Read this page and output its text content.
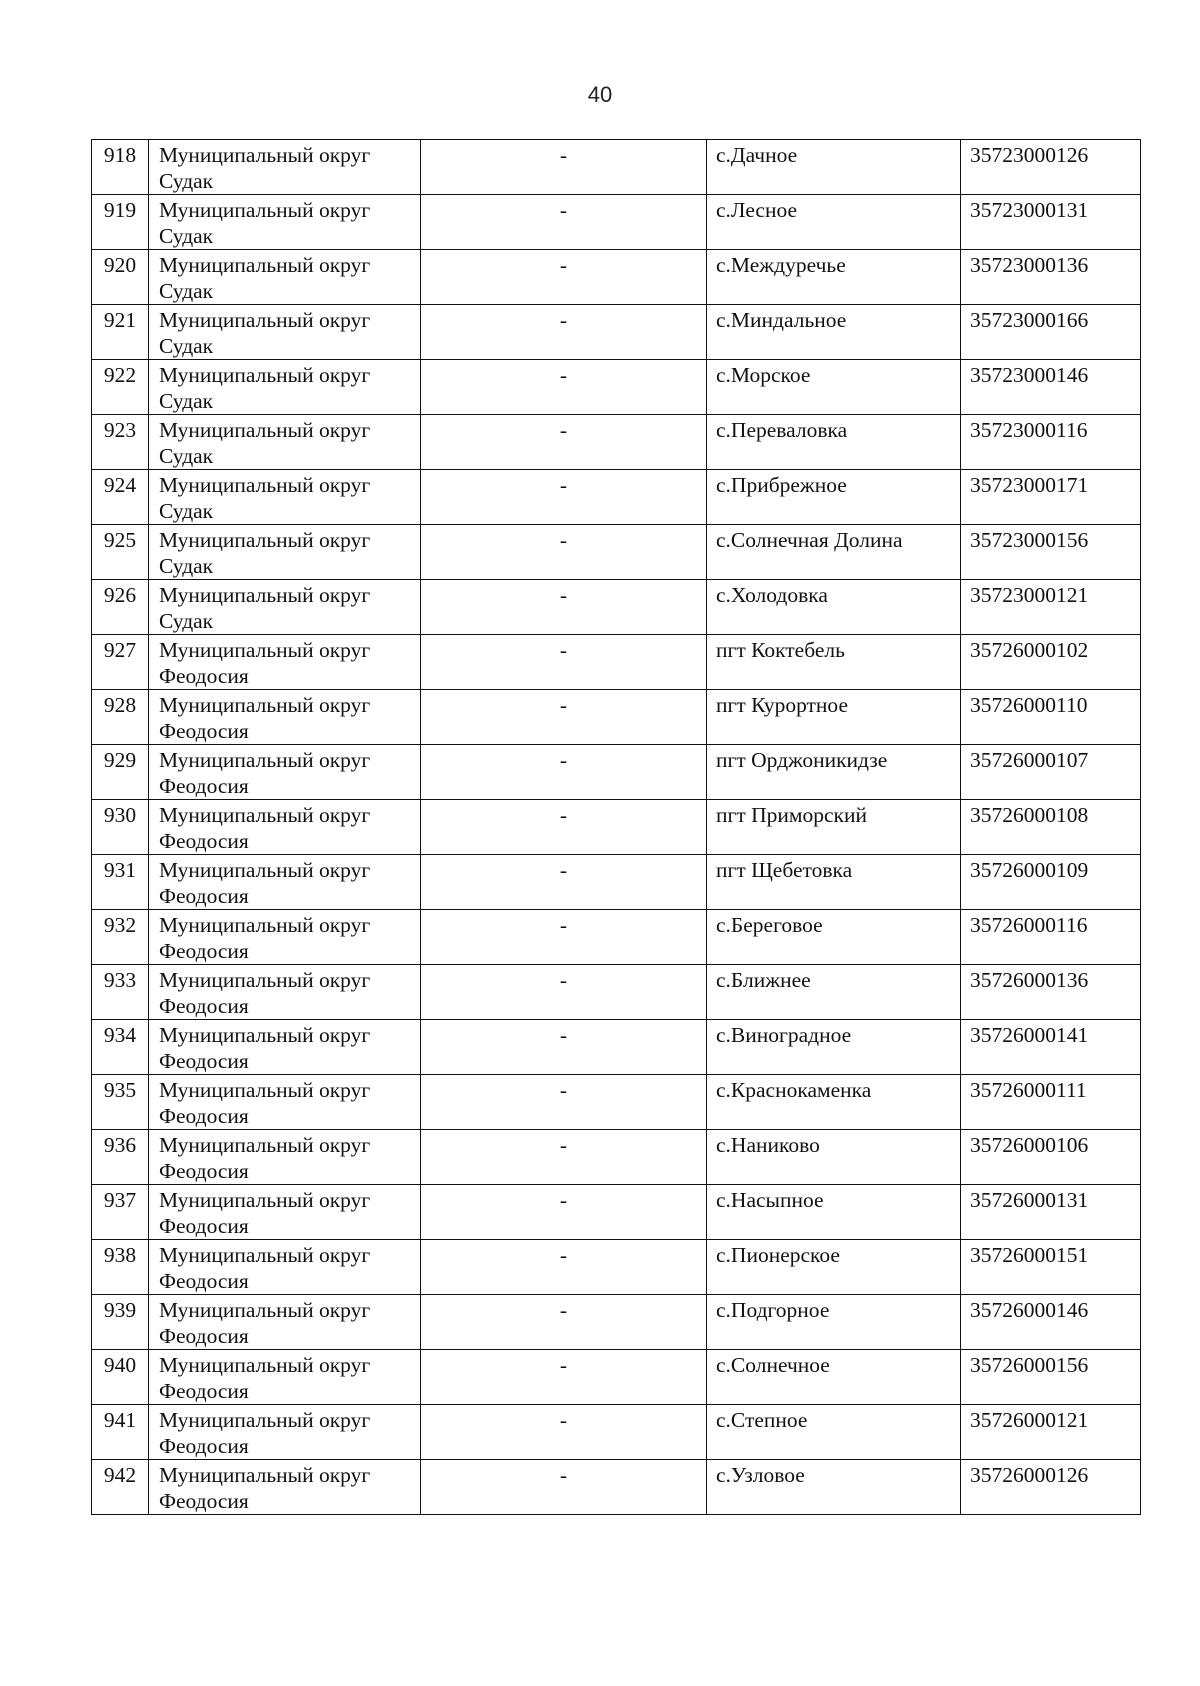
40
918	Муниципальный округ Судак	-	с.Дачное	35723000126
919	Муниципальный округ Судак	-	с.Лесное	35723000131
920	Муниципальный округ Судак	-	с.Междуречье	35723000136
921	Муниципальный округ Судак	-	с.Миндальное	35723000166
922	Муниципальный округ Судак	-	с.Морское	35723000146
923	Муниципальный округ Судак	-	с.Переваловка	35723000116
924	Муниципальный округ Судак	-	с.Прибрежное	35723000171
925	Муниципальный округ Судак	-	с.Солнечная Долина	35723000156
926	Муниципальный округ Судак	-	с.Холодовка	35723000121
927	Муниципальный округ Феодосия	-	пгт Коктебель	35726000102
928	Муниципальный округ Феодосия	-	пгт Курортное	35726000110
929	Муниципальный округ Феодосия	-	пгт Орджоникидзе	35726000107
930	Муниципальный округ Феодосия	-	пгт Приморский	35726000108
931	Муниципальный округ Феодосия	-	пгт Щебетовка	35726000109
932	Муниципальный округ Феодосия	-	с.Береговое	35726000116
933	Муниципальный округ Феодосия	-	с.Ближнее	35726000136
934	Муниципальный округ Феодосия	-	с.Виноградное	35726000141
935	Муниципальный округ Феодосия	-	с.Краснокаменка	35726000111
936	Муниципальный округ Феодосия	-	с.Наниково	35726000106
937	Муниципальный округ Феодосия	-	с.Насыпное	35726000131
938	Муниципальный округ Феодосия	-	с.Пионерское	35726000151
939	Муниципальный округ Феодосия	-	с.Подгорное	35726000146
940	Муниципальный округ Феодосия	-	с.Солнечное	35726000156
941	Муниципальный округ Феодосия	-	с.Степное	35726000121
942	Муниципальный округ Феодосия	-	с.Узловое	35726000126
